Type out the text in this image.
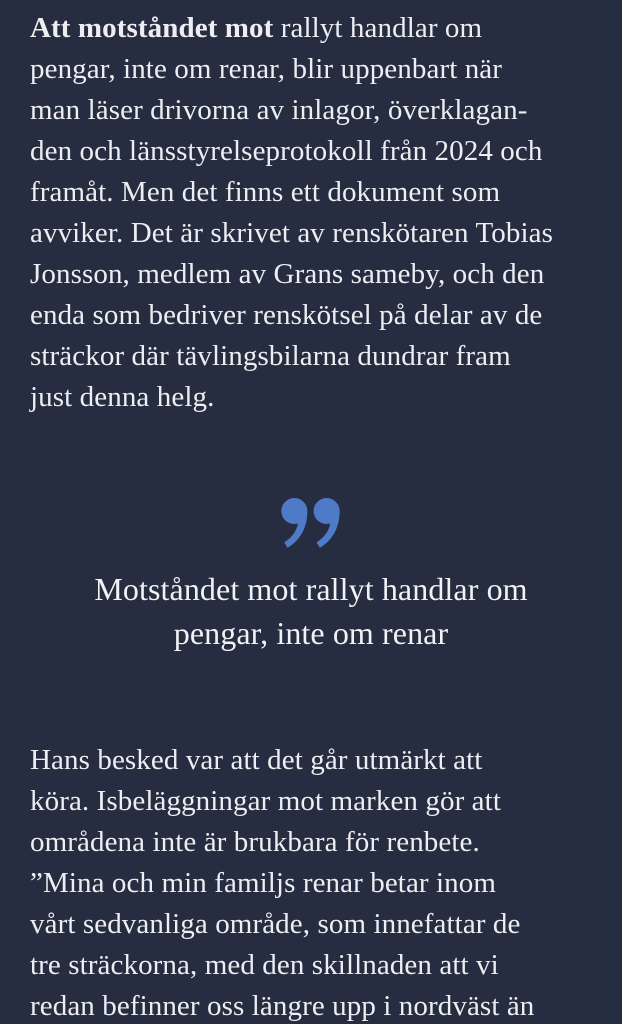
Att motståndet mot rallyt handlar om
pengar, inte om renar, blir uppenbart när
man läser drivorna av inlagor, överklagan-
den och länsstyrelseprotokoll från 2024 och
framåt. Men det finns ett dokument som
avviker. Det är skrivet av renskötaren Tobias
Jonsson, medlem av Grans sameby, och den
enda som bedriver renskötsel på delar av de
sträckor där tävlingsbilarna dundrar fram
just denna helg.
Motståndet mot rallyt handlar om
pengar, inte om renar
Hans besked var att det går utmärkt att
köra. Isbeläggningar mot marken gör att
områdena inte är brukbara för renbete.
”Mina och min familjs renar betar inom
vårt sedvanliga område, som innefattar de
tre sträckorna, med den skillnaden att vi
redan befinner oss längre upp i nordväst än
